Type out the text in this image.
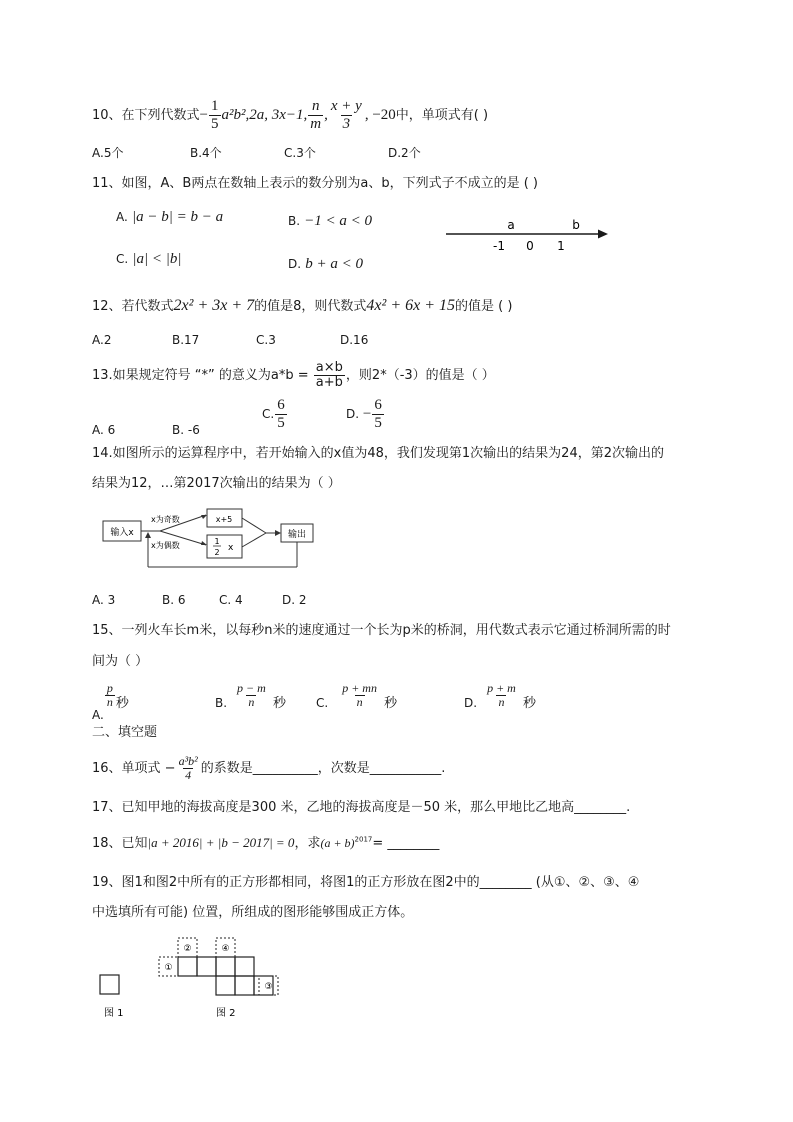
10、在下列代数式− $\frac{1}{5} a^2b^2,2a$, 3x−1, $\frac{n}{m}$ , $\frac{x + y}{3}$ , −20中，单项式有( )
A.5个	B.4个	C.3个	D.2个
11、如图，A、B两点在数轴上表示的数分别为a、b，下列式子不成立的是 ( )
A. |a − b| = b − a	B. −1 < a < 0
C. |a| < |b|	D. b + a < 0
a	b
-1 0 1
12、若代数式2x² + 3x + 7的值是8，则代数式4x² + 6x + 15的值是 ( )
A.2	B.17	C.3	D.16
13.如果规定符号 “*” 的意义为$a*b = \frac{a\times b}{a+b}$ ，则2*（-3）的值是（ ）
A. 6	B. -6
C. $\frac{6}{5}$	D. − $\frac{6}{5}$
14.如图所示的运算程序中，若开始输入的x值为48，我们发现第1次输出的结果为24，第2次输出的
结果为12，…第2017次输出的结果为（ ）
输入x
x为奇数
x为偶数
x+5
1
2 x
输出
A. 3	B. 6	C. 4	D. 2
15、一列火车长m米，以每秒n米的速度通过一个长为p米的桥洞，用代数式表示它通过桥洞所需的时
间为（ ）
A.
$\frac{p}{n}$ 秒	B. $\frac{p - m}{n}$ 秒	C. $\frac{p + mn}{n}$ 秒	D. $\frac{p + m}{n}$ 秒
二、填空题
16、单项式 − $\frac{\text{a³b²}}{4}$ 的系数是__________，次数是___________.
17、已知甲地的海拔高度是300 米，乙地的海拔高度是－50 米，那么甲地比乙地高________.
18、已知|a + 2016| + |b − 2017| = 0，求$(a + b)^{2017}=$ ________
19、图1和图2中所有的正方形都相同，将图1的正方形放在图2中的________ (从①、②、③、④
中选填所有可能) 位置，所组成的图形能够围成正方体。
图 1
①
②
③
④
图 2
